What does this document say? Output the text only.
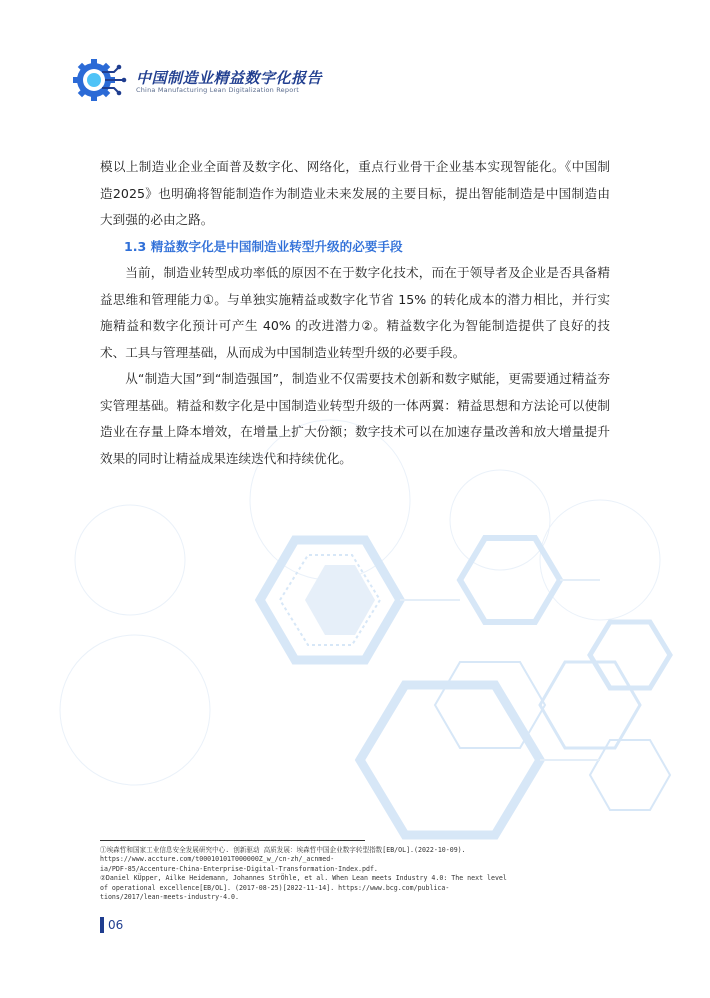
中国制造业精益数字化报告
China Manufacturing Lean Digitalization Report

模以上制造业企业全面普及数字化、网络化，重点行业骨干企业基本实现智能化。《中国制造2025》也明确将智能制造作为制造业未来发展的主要目标，提出智能制造是中国制造由大到强的必由之路。

1.3 精益数字化是中国制造业转型升级的必要手段

当前，制造业转型成功率低的原因不在于数字化技术，而在于领导者及企业是否具备精益思维和管理能力①。与单独实施精益或数字化节省 15% 的转化成本的潜力相比，并行实施精益和数字化预计可产生 40% 的改进潜力②。精益数字化为智能制造提供了良好的技术、工具与管理基础，从而成为中国制造业转型升级的必要手段。

从“制造大国”到“制造强国”，制造业不仅需要技术创新和数字赋能，更需要通过精益夯实管理基础。精益和数字化是中国制造业转型升级的一体两翼：精益思想和方法论可以使制造业在存量上降本增效，在增量上扩大份额；数字技术可以在加速存量改善和放大增量提升效果的同时让精益成果连续迭代和持续优化。

①埃森哲和国家工业信息安全发展研究中心. 创新驱动 高质发展：埃森哲中国企业数字转型指数[EB/OL].(2022-10-09).
https://www.accture.com/t00010101T000000Z_w_/cn-zh/_acnmed-
ia/PDF-85/Accenture-China-Enterprise-Digital-Transformation-Index.pdf.
②Daniel KÜpper, Ailke Heidemann, Johannes StrÖhle, et al. When Lean meets Industry 4.0: The next level
of operational excellence[EB/OL]. (2017-08-25)[2022-11-14]. https://www.bcg.com/publica-
tions/2017/lean-meets-industry-4.0.
06
